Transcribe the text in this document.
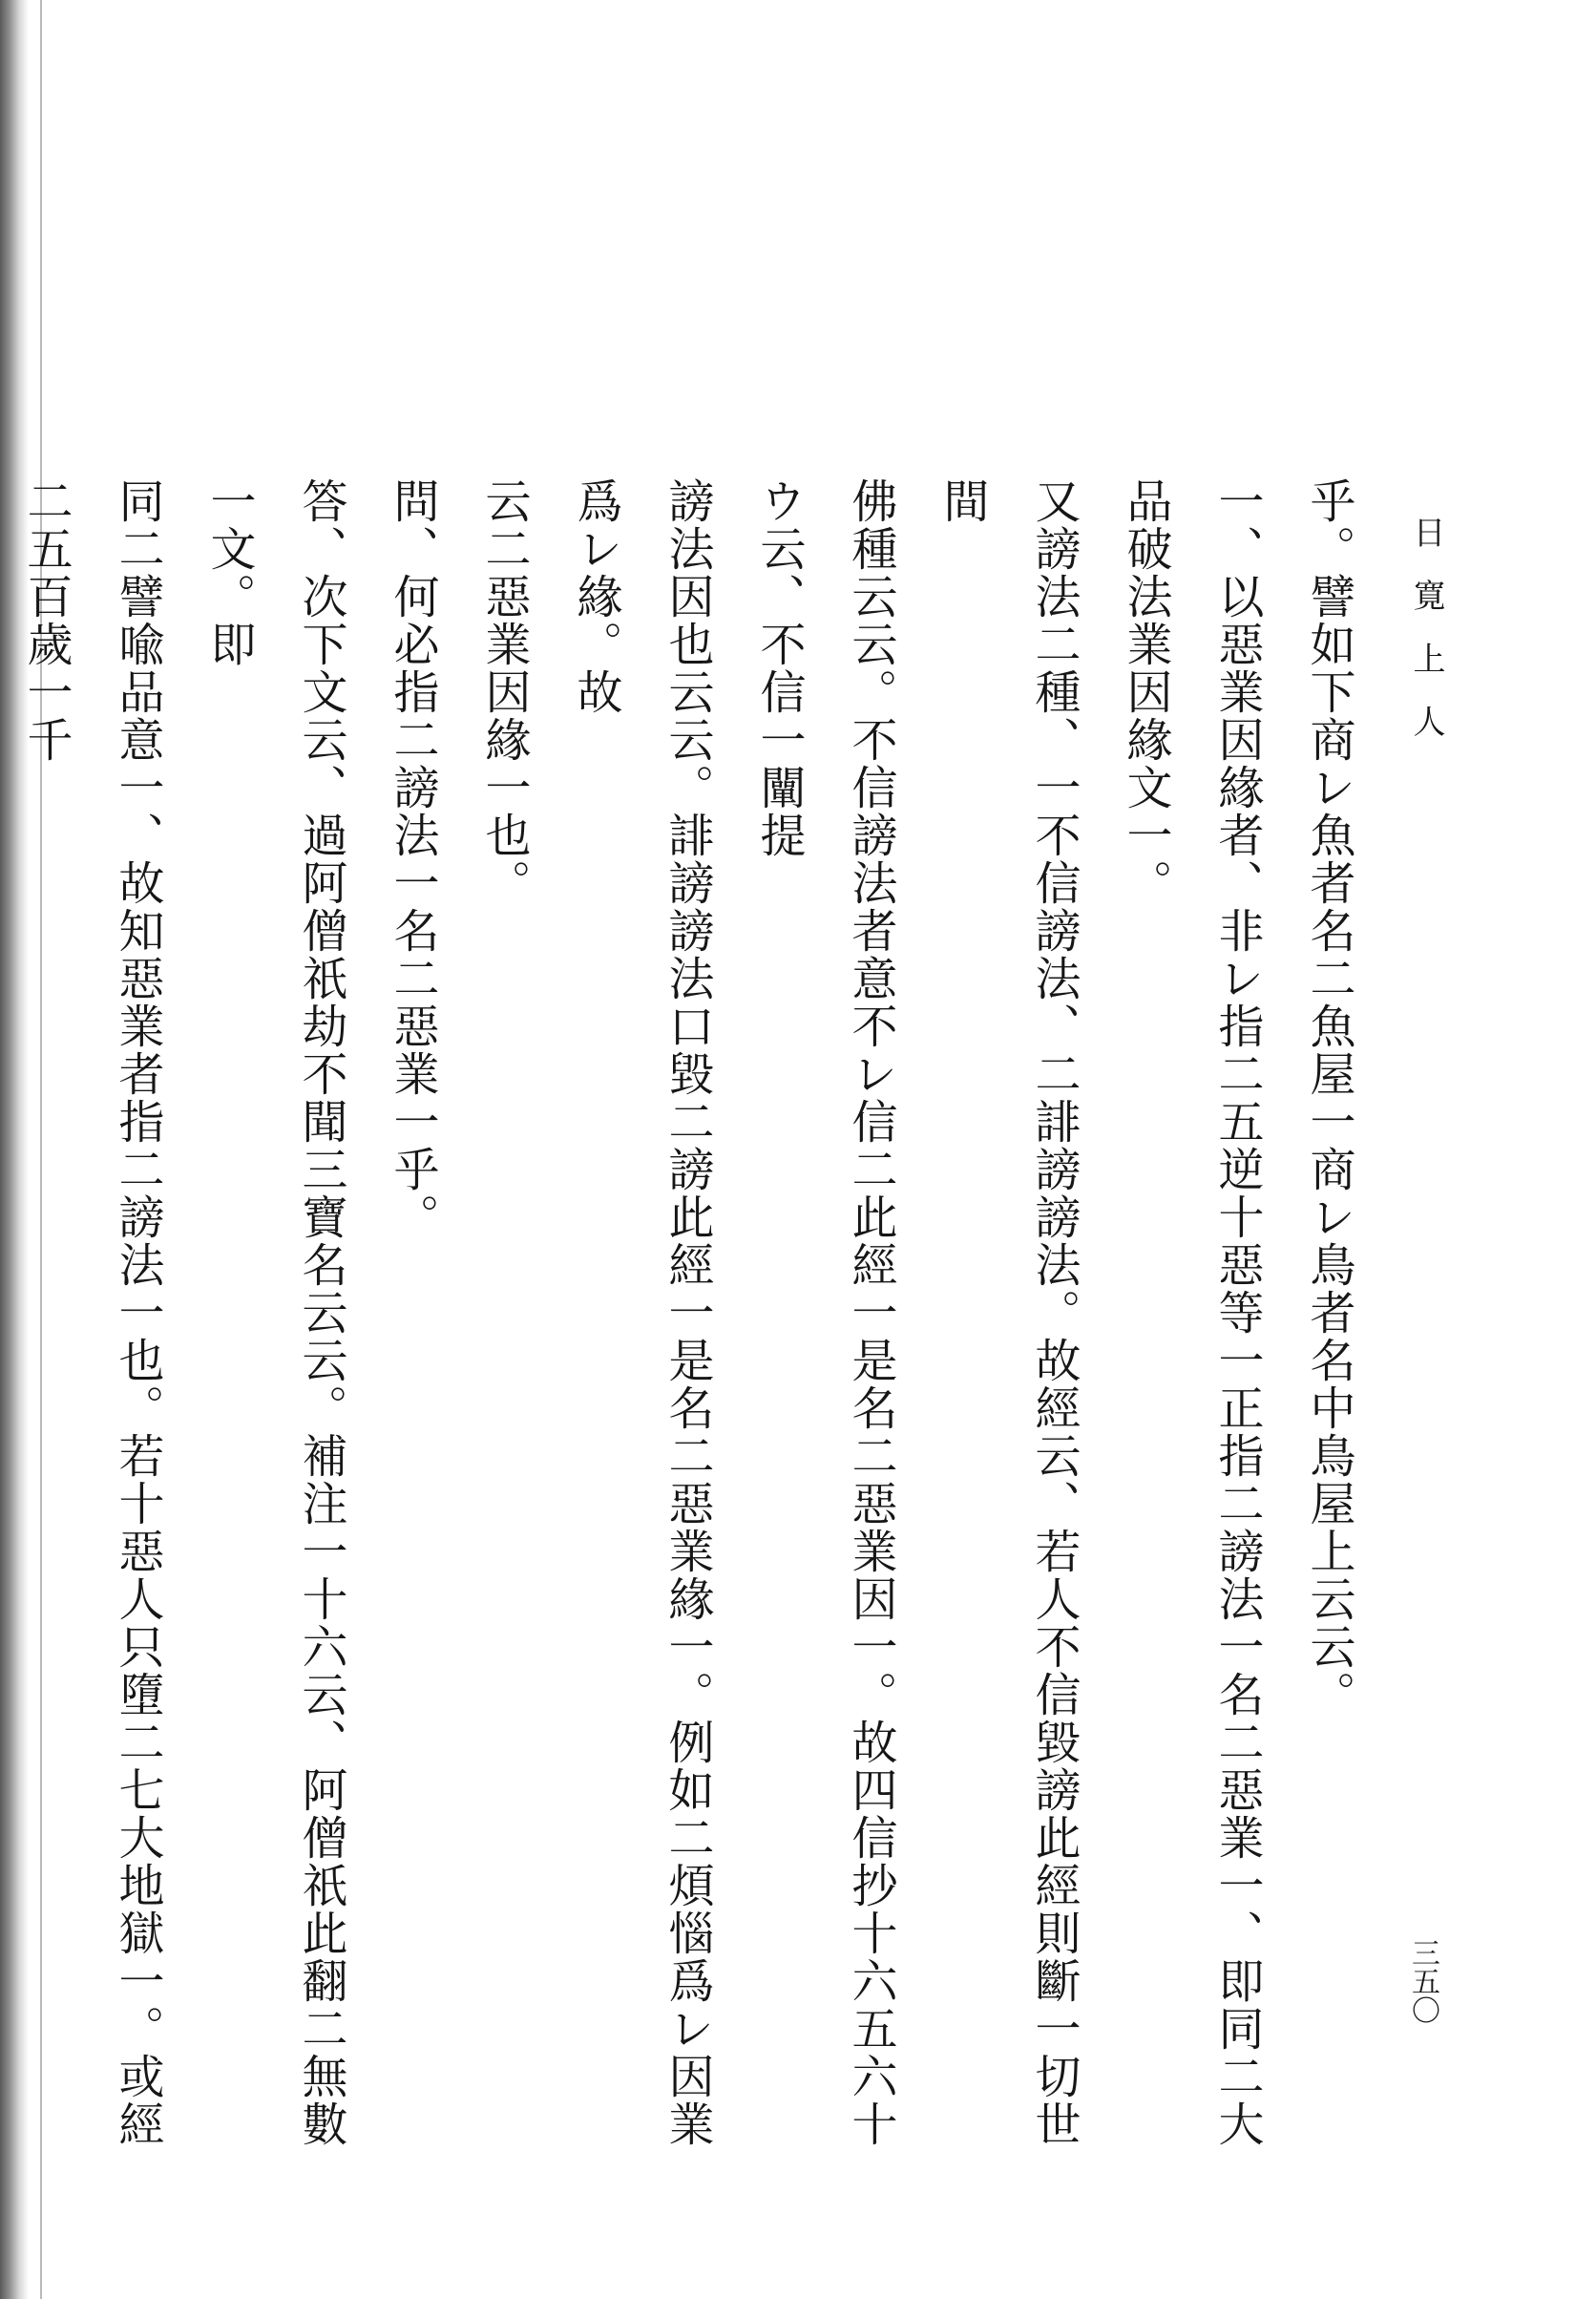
日寛上人
三五〇

乎。譬如下商レ魚者名二魚屋一商レ鳥者名中鳥屋上云云。

一、以惡業因緣者、非レ指二五逆十惡等一正指二謗法一名二惡業一、即同二大品破法業因緣文一。

又謗法二種、一不信謗法、二誹謗謗法。故經云、若人不信毀謗此經則斷一切世間

佛種云云。不信謗法者意不レ信二此經一是名二惡業因一。故四信抄十六五六十ウ云、不信一闡提

謗法因也云云。誹謗謗法口毀二謗此經一是名二惡業緣一。例如二煩惱爲レ因業爲レ緣。故

云二惡業因緣一也。

問、何必指二謗法一名二惡業一乎。

答、次下文云、過阿僧祇劫不聞三寶名云云。補注一十六云、阿僧祇此翻二無數一文。即

同二譬喩品意一、故知惡業者指二謗法一也。若十惡人只墮二七大地獄一。或經二五百歲一千
